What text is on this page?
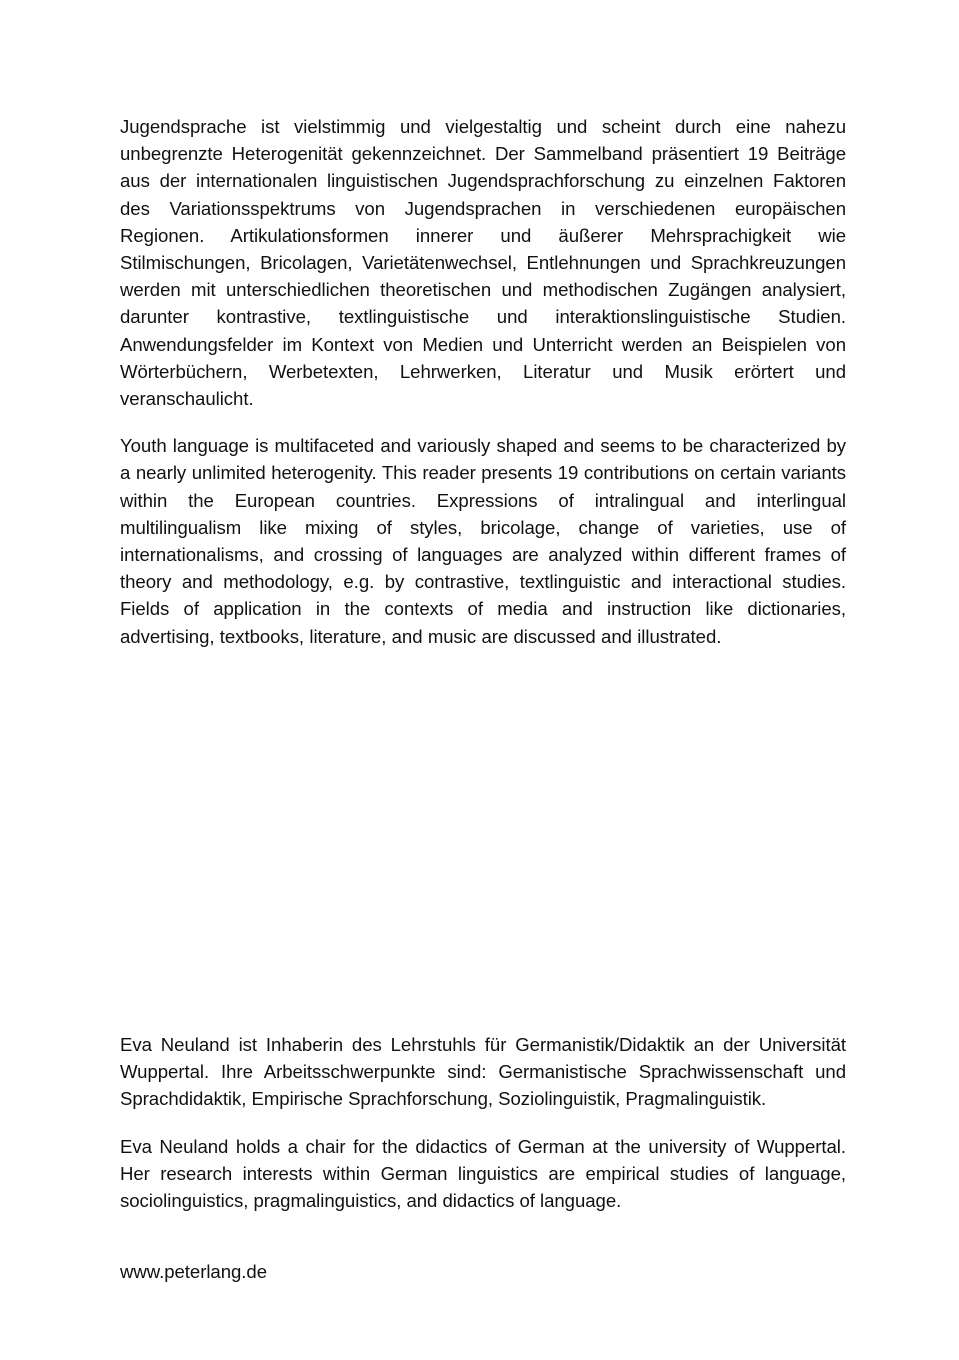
Jugendsprache ist vielstimmig und vielgestaltig und scheint durch eine nahezu unbegrenzte Heterogenität gekennzeichnet. Der Sammelband präsentiert 19 Beiträge aus der internationalen linguistischen Jugendsprachforschung zu einzelnen Faktoren des Variationsspektrums von Jugendsprachen in verschiedenen europäischen Regionen. Artikulationsformen innerer und äußerer Mehrsprachigkeit wie Stilmischungen, Bricolagen, Varietätenwechsel, Entlehnungen und Sprachkreuzungen werden mit unterschiedlichen theoretischen und methodischen Zugängen analysiert, darunter kontrastive, textlinguistische und interaktionslinguistische Studien. Anwendungsfelder im Kontext von Medien und Unterricht werden an Beispielen von Wörterbüchern, Werbetexten, Lehrwerken, Literatur und Musik erörtert und veranschaulicht.

Youth language is multifaceted and variously shaped and seems to be characterized by a nearly unlimited heterogenity. This reader presents 19 contributions on certain variants within the European countries. Expressions of intralingual and interlingual multilingualism like mixing of styles, bricolage, change of varieties, use of internationalisms, and crossing of languages are analyzed within different frames of theory and methodology, e.g. by contrastive, textlinguistic and interactional studies. Fields of application in the contexts of media and instruction like dictionaries, advertising, textbooks, literature, and music are discussed and illustrated.

Eva Neuland ist Inhaberin des Lehrstuhls für Germanistik/Didaktik an der Universität Wuppertal. Ihre Arbeitsschwerpunkte sind: Germanistische Sprachwissenschaft und Sprachdidaktik, Empirische Sprachforschung, Soziolinguistik, Pragmalinguistik.

Eva Neuland holds a chair for the didactics of German at the university of Wuppertal. Her research interests within German linguistics are empirical studies of language, sociolinguistics, pragmalinguistics, and didactics of language.

www.peterlang.de
